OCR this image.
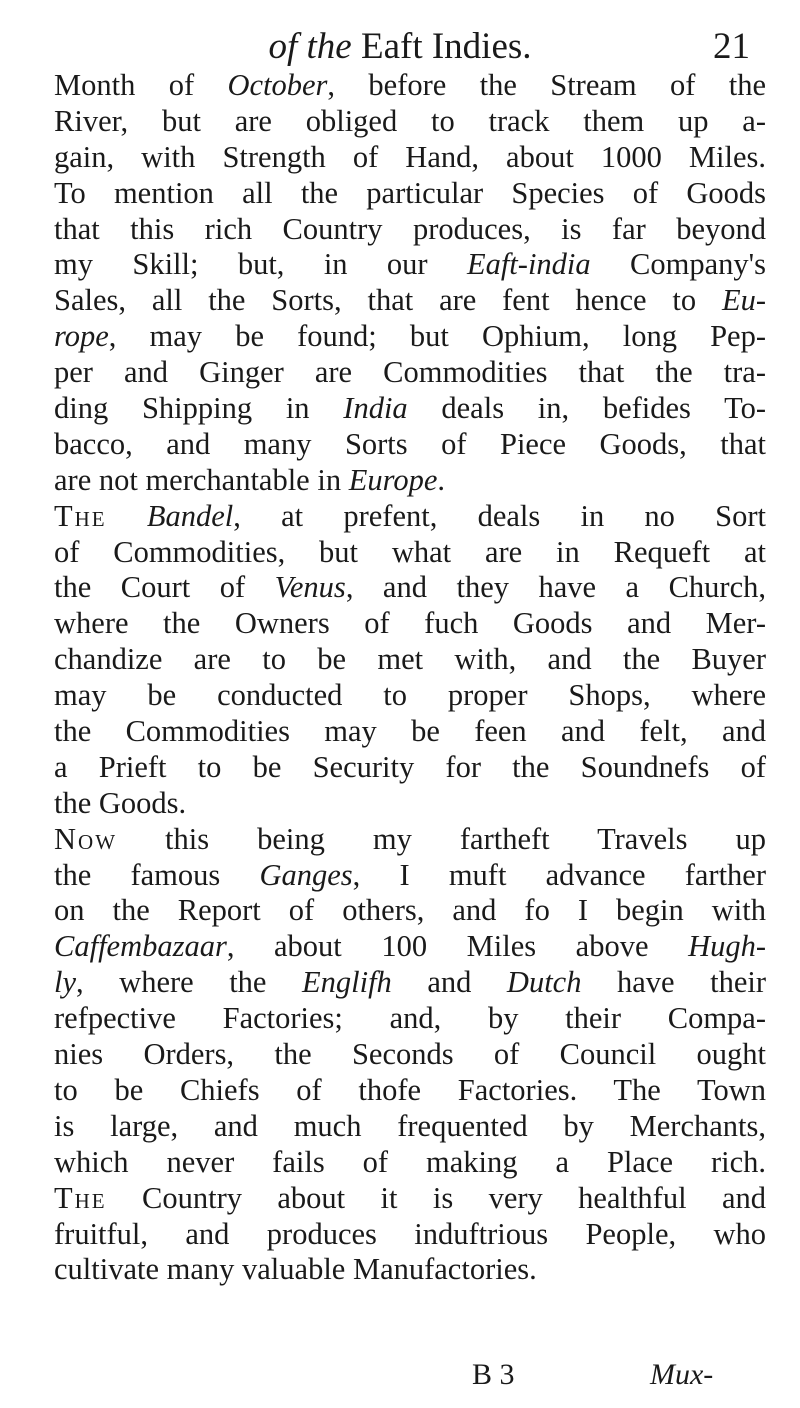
of the Eaft Indies.	21
Month of October, before the Stream of the
River, but are obliged to track them up a-
gain, with Strength of Hand, about 1000 Miles.
To mention all the particular Species of Goods
that this rich Country produces, is far beyond
my Skill; but, in our Eaft-india Company's
Sales, all the Sorts, that are fent hence to Eu-
rope, may be found; but Ophium, long Pep-
per and Ginger are Commodities that the tra-
ding Shipping in India deals in, befides To-
bacco, and many Sorts of Piece Goods, that
are not merchantable in Europe.
The Bandel, at prefent, deals in no Sort
of Commodities, but what are in Requeft at
the Court of Venus, and they have a Church,
where the Owners of fuch Goods and Mer-
chandize are to be met with, and the Buyer
may be conducted to proper Shops, where
the Commodities may be feen and felt, and
a Prieft to be Security for the Soundnefs of
the Goods.
Now this being my fartheft Travels up
the famous Ganges, I muft advance farther
on the Report of others, and fo I begin with
Caffembazaar, about 100 Miles above Hugh-
ly, where the Englifh and Dutch have their
refpective Factories; and, by their Compa-
nies Orders, the Seconds of Council ought
to be Chiefs of thofe Factories. The Town
is large, and much frequented by Merchants,
which never fails of making a Place rich.
The Country about it is very healthful and
fruitful, and produces induftrious People, who
cultivate many valuable Manufactories.
B 3	Mux-
